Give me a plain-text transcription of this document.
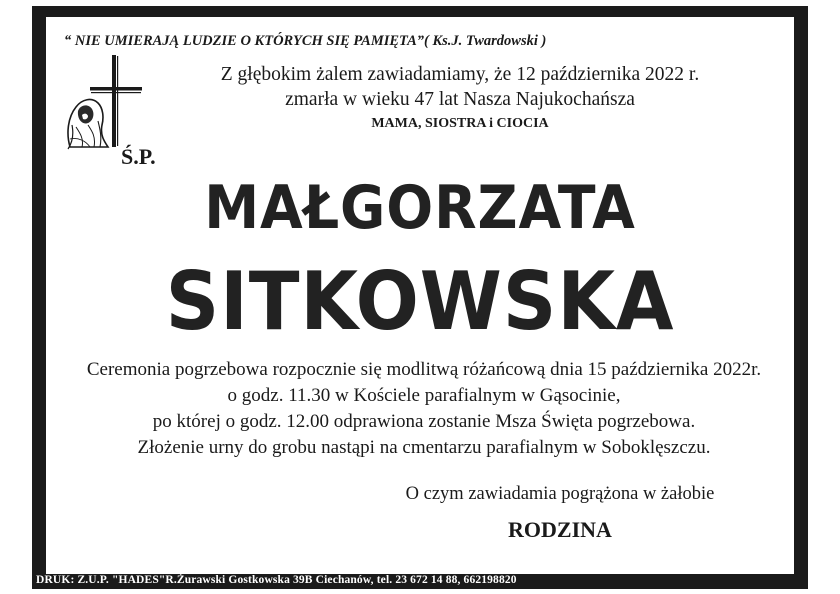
“ NIE UMIERAJĄ LUDZIE O KTÓRYCH SIĘ PAMIĘTA”( Ks.J. Twardowski )
Z głębokim żalem zawiadamiamy, że 12 października 2022 r.
zmarła w wieku 47 lat Nasza Najukochańsza
MAMA, SIOSTRA i CIOCIA
Ś.P.
MAŁGORZATA
SITKOWSKA
Ceremonia pogrzebowa rozpocznie się modlitwą różańcową dnia 15 października 2022r.
o godz. 11.30 w Kościele parafialnym w Gąsocinie,
po której o godz. 12.00 odprawiona zostanie Msza Święta pogrzebowa.
Złożenie urny do grobu nastąpi na cmentarzu parafialnym w Soboklęszczu.
O czym zawiadamia pogrążona w żałobie
RODZINA
DRUK: Z.U.P. "HADES"R.Żurawski Gostkowska 39B Ciechanów, tel. 23 672 14 88, 662198820
